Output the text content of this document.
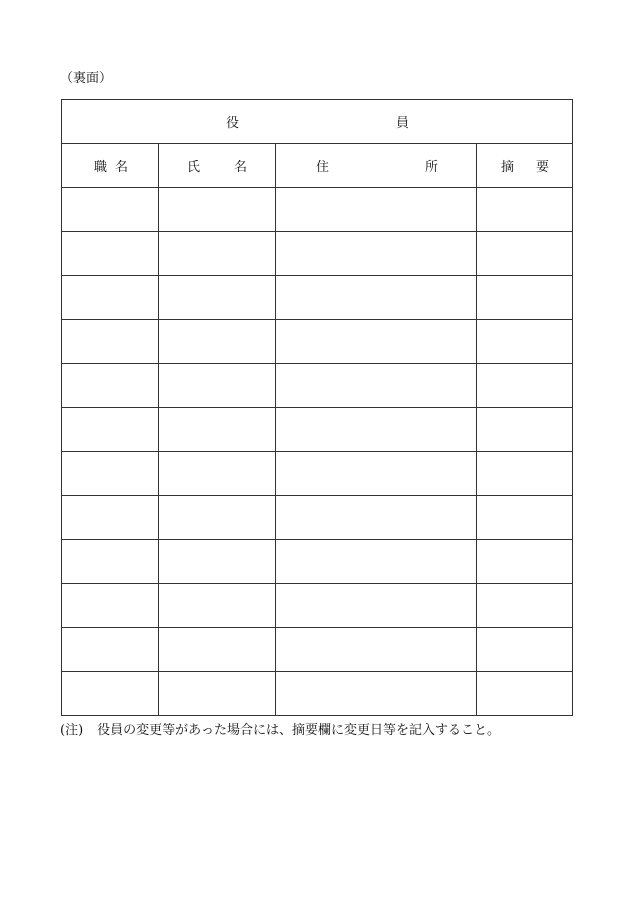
（裏面）
役 員			

職 名	氏 名	住 所	摘 要

(注) 役員の変更等があった場合には、摘要欄に変更日等を記入すること。
